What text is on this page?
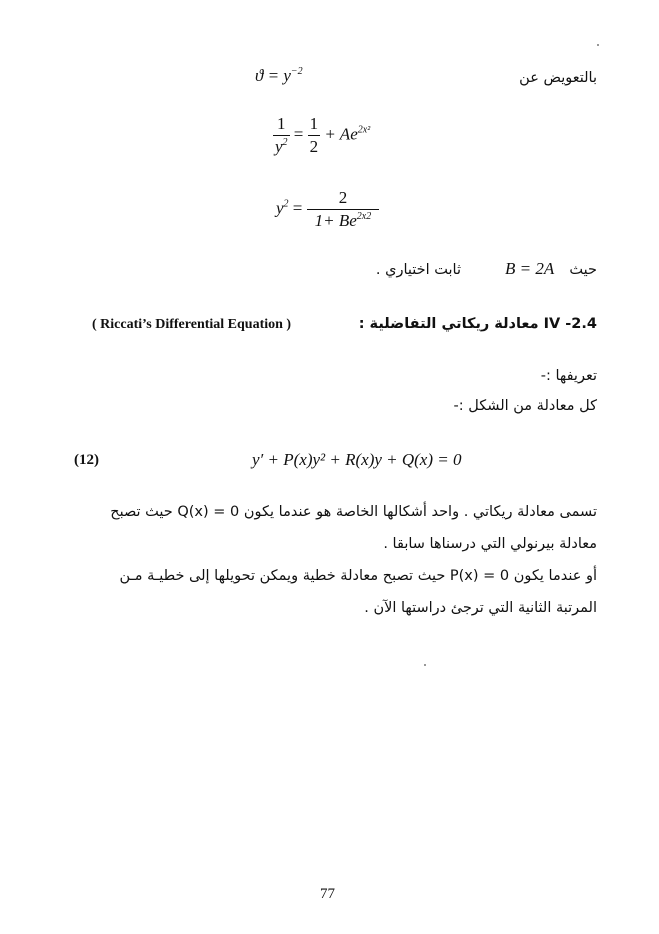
بالتعويض عن
$ϑ = y^{-2}$
$\frac{1}{y^2} = \frac{1}{2} + Ae^{2x^2}$
$y^2 = \frac{2}{1+ Be^{2x2}}$
حيث
B = 2A
ثابت اختياري .
IV -2.4 معادلة ريكاتي التفاضلية :
( Riccati’s Differential Equation )
تعريفها :-
كل معادلة من الشكل :-
(12)	y′ + P(x)y² + R(x)y + Q(x) = 0
تسمى معادلة ريكاتي . واحد أشكالها الخاصة هو عندما يكون Q(x) = 0 حيث تصبح
معادلة بيرنولي التي درسناها سابقا .
أو عندما يكون P(x) = 0 حيث تصبح معادلة خطية ويمكن تحويلها إلى خطيـة مـن
المرتبة الثانية التي ترجئ دراستها الآن .
77
